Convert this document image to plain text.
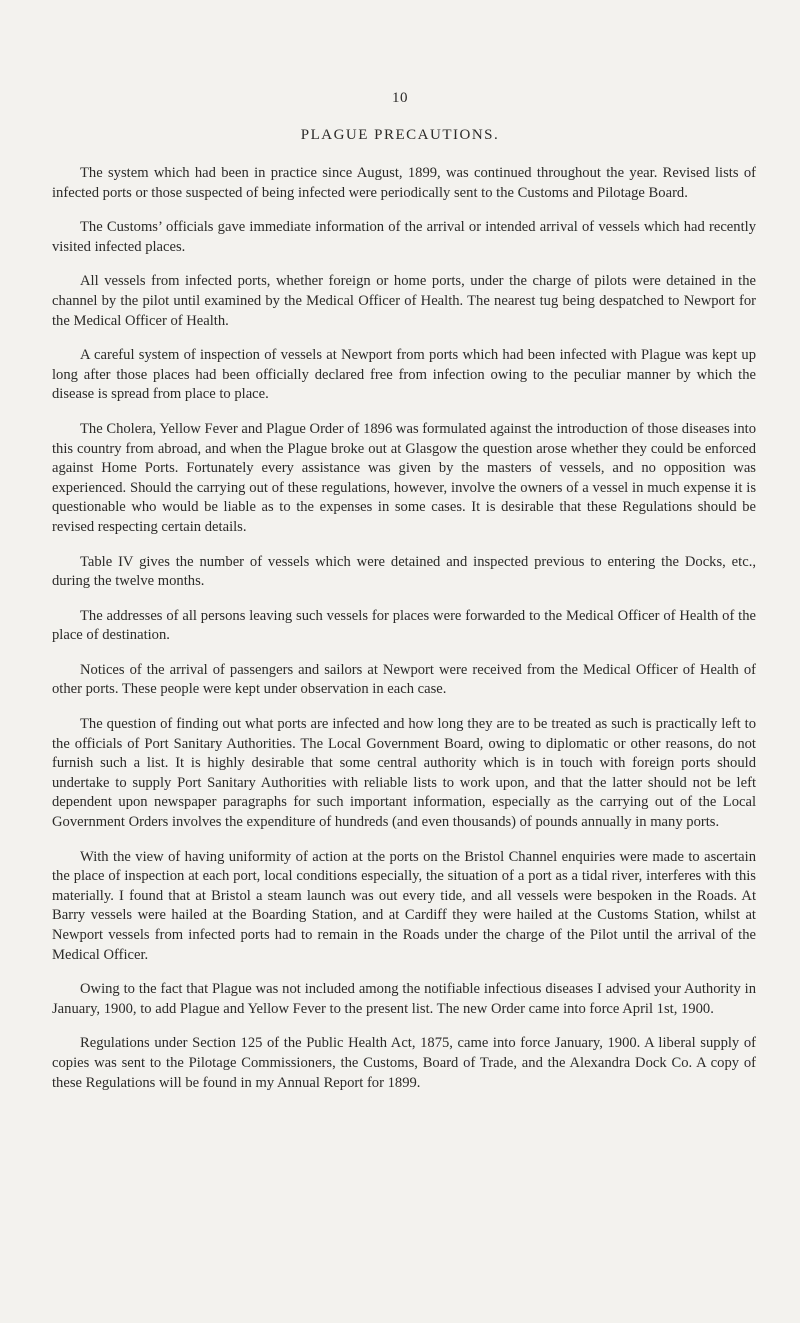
10
PLAGUE PRECAUTIONS.

The system which had been in practice since August, 1899, was continued throughout the year. Revised lists of infected ports or those suspected of being infected were periodically sent to the Customs and Pilotage Board.

The Customs’ officials gave immediate information of the arrival or intended arrival of vessels which had recently visited infected places.

All vessels from infected ports, whether foreign or home ports, under the charge of pilots were detained in the channel by the pilot until examined by the Medical Officer of Health. The nearest tug being despatched to Newport for the Medical Officer of Health.

A careful system of inspection of vessels at Newport from ports which had been infected with Plague was kept up long after those places had been officially declared free from infection owing to the peculiar manner by which the disease is spread from place to place.

The Cholera, Yellow Fever and Plague Order of 1896 was formulated against the introduction of those diseases into this country from abroad, and when the Plague broke out at Glasgow the question arose whether they could be enforced against Home Ports. Fortunately every assistance was given by the masters of vessels, and no opposition was experienced. Should the carrying out of these regulations, however, involve the owners of a vessel in much expense it is questionable who would be liable as to the expenses in some cases. It is desirable that these Regulations should be revised respecting certain details.

Table IV gives the number of vessels which were detained and inspected previous to entering the Docks, etc., during the twelve months.

The addresses of all persons leaving such vessels for places were forwarded to the Medical Officer of Health of the place of destination.

Notices of the arrival of passengers and sailors at Newport were received from the Medical Officer of Health of other ports. These people were kept under observation in each case.

The question of finding out what ports are infected and how long they are to be treated as such is practically left to the officials of Port Sanitary Authorities. The Local Government Board, owing to diplomatic or other reasons, do not furnish such a list. It is highly desirable that some central authority which is in touch with foreign ports should undertake to supply Port Sanitary Authorities with reliable lists to work upon, and that the latter should not be left dependent upon newspaper paragraphs for such important information, especially as the carrying out of the Local Government Orders involves the expenditure of hundreds (and even thousands) of pounds annually in many ports.

With the view of having uniformity of action at the ports on the Bristol Channel enquiries were made to ascertain the place of inspection at each port, local conditions especially, the situation of a port as a tidal river, interferes with this materially. I found that at Bristol a steam launch was out every tide, and all vessels were bespoken in the Roads. At Barry vessels were hailed at the Boarding Station, and at Cardiff they were hailed at the Customs Station, whilst at Newport vessels from infected ports had to remain in the Roads under the charge of the Pilot until the arrival of the Medical Officer.

Owing to the fact that Plague was not included among the notifiable infectious diseases I advised your Authority in January, 1900, to add Plague and Yellow Fever to the present list. The new Order came into force April 1st, 1900.

Regulations under Section 125 of the Public Health Act, 1875, came into force January, 1900. A liberal supply of copies was sent to the Pilotage Commissioners, the Customs, Board of Trade, and the Alexandra Dock Co. A copy of these Regulations will be found in my Annual Report for 1899.
